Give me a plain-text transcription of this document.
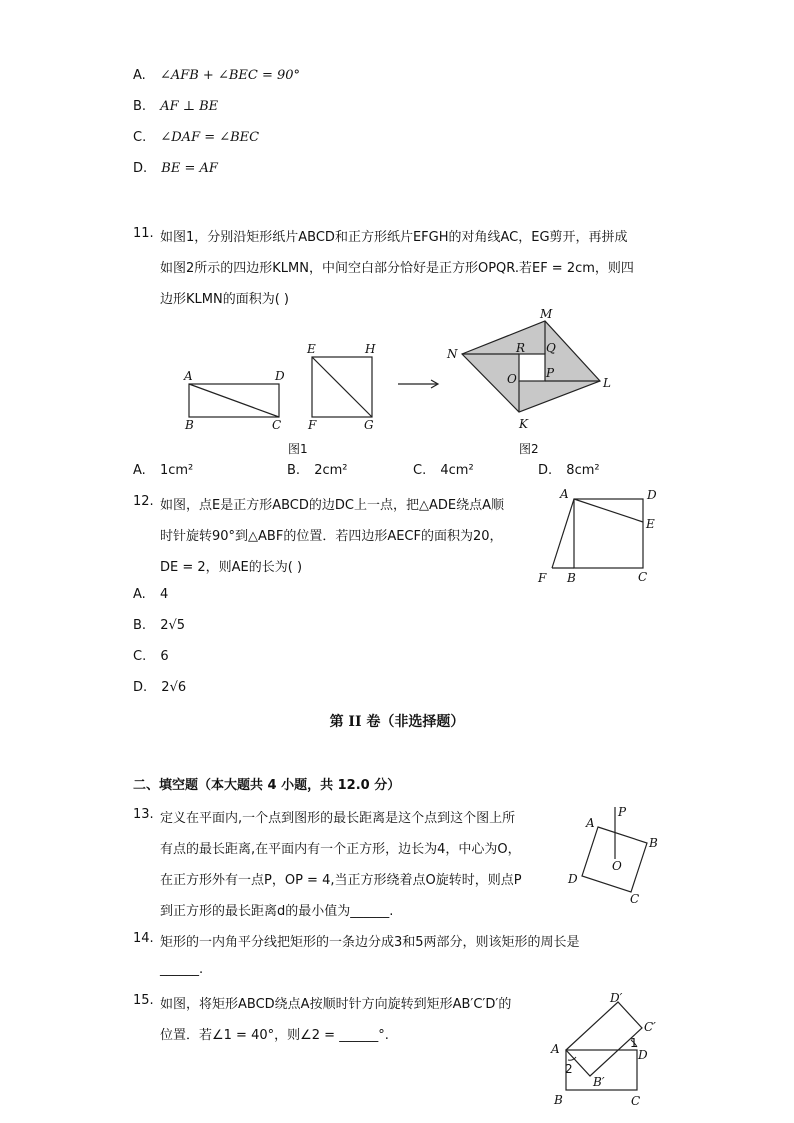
A. ∠AFB + ∠BEC = 90°
B. AF ⊥ BE
C. ∠DAF = ∠BEC
D. BE = AF
11. 如图1，分别沿矩形纸片ABCD和正方形纸片EFGH的对角线AC，EG剪开，再拼成
如图2所示的四边形KLMN，中间空白部分恰好是正方形OPQR.若EF = 2cm，则四
边形KLMN的面积为( )
A	D
B	C
E	H
F	G
图1
M
N
L
K
R Q
O P
图2
A. 1cm²	B. 2cm²	C. 4cm²	D. 8cm²
12. 如图，点E是正方形ABCD的边DC上一点，把△ADE绕点A顺
时针旋转90°到△ABF的位置．若四边形AECF的面积为20，
DE = 2，则AE的长为( )
A	D
E
F B	C
A. 4
B. 2√5
C. 6
D. 2√6
第 II 卷（非选择题）
二、填空题（本大题共 4 小题，共 12.0 分）
13. 定义在平面内,一个点到图形的最长距离是这个点到这个图上所
有点的最长距离,在平面内有一个正方形，边长为4，中心为O，
在正方形外有一点P，OP = 4,当正方形绕着点O旋转时，则点P
到正方形的最长距离d的最小值为______.
P
A
B
O
D
C
14. 矩形的一内角平分线把矩形的一条边分成3和5两部分，则该矩形的周长是
______.
15. 如图，将矩形ABCD绕点A按顺时针方向旋转到矩形AB′C′D′的
位置．若∠1 = 40°，则∠2 = ______°.
D′
C′
A	1
D
2
B′
B	C
